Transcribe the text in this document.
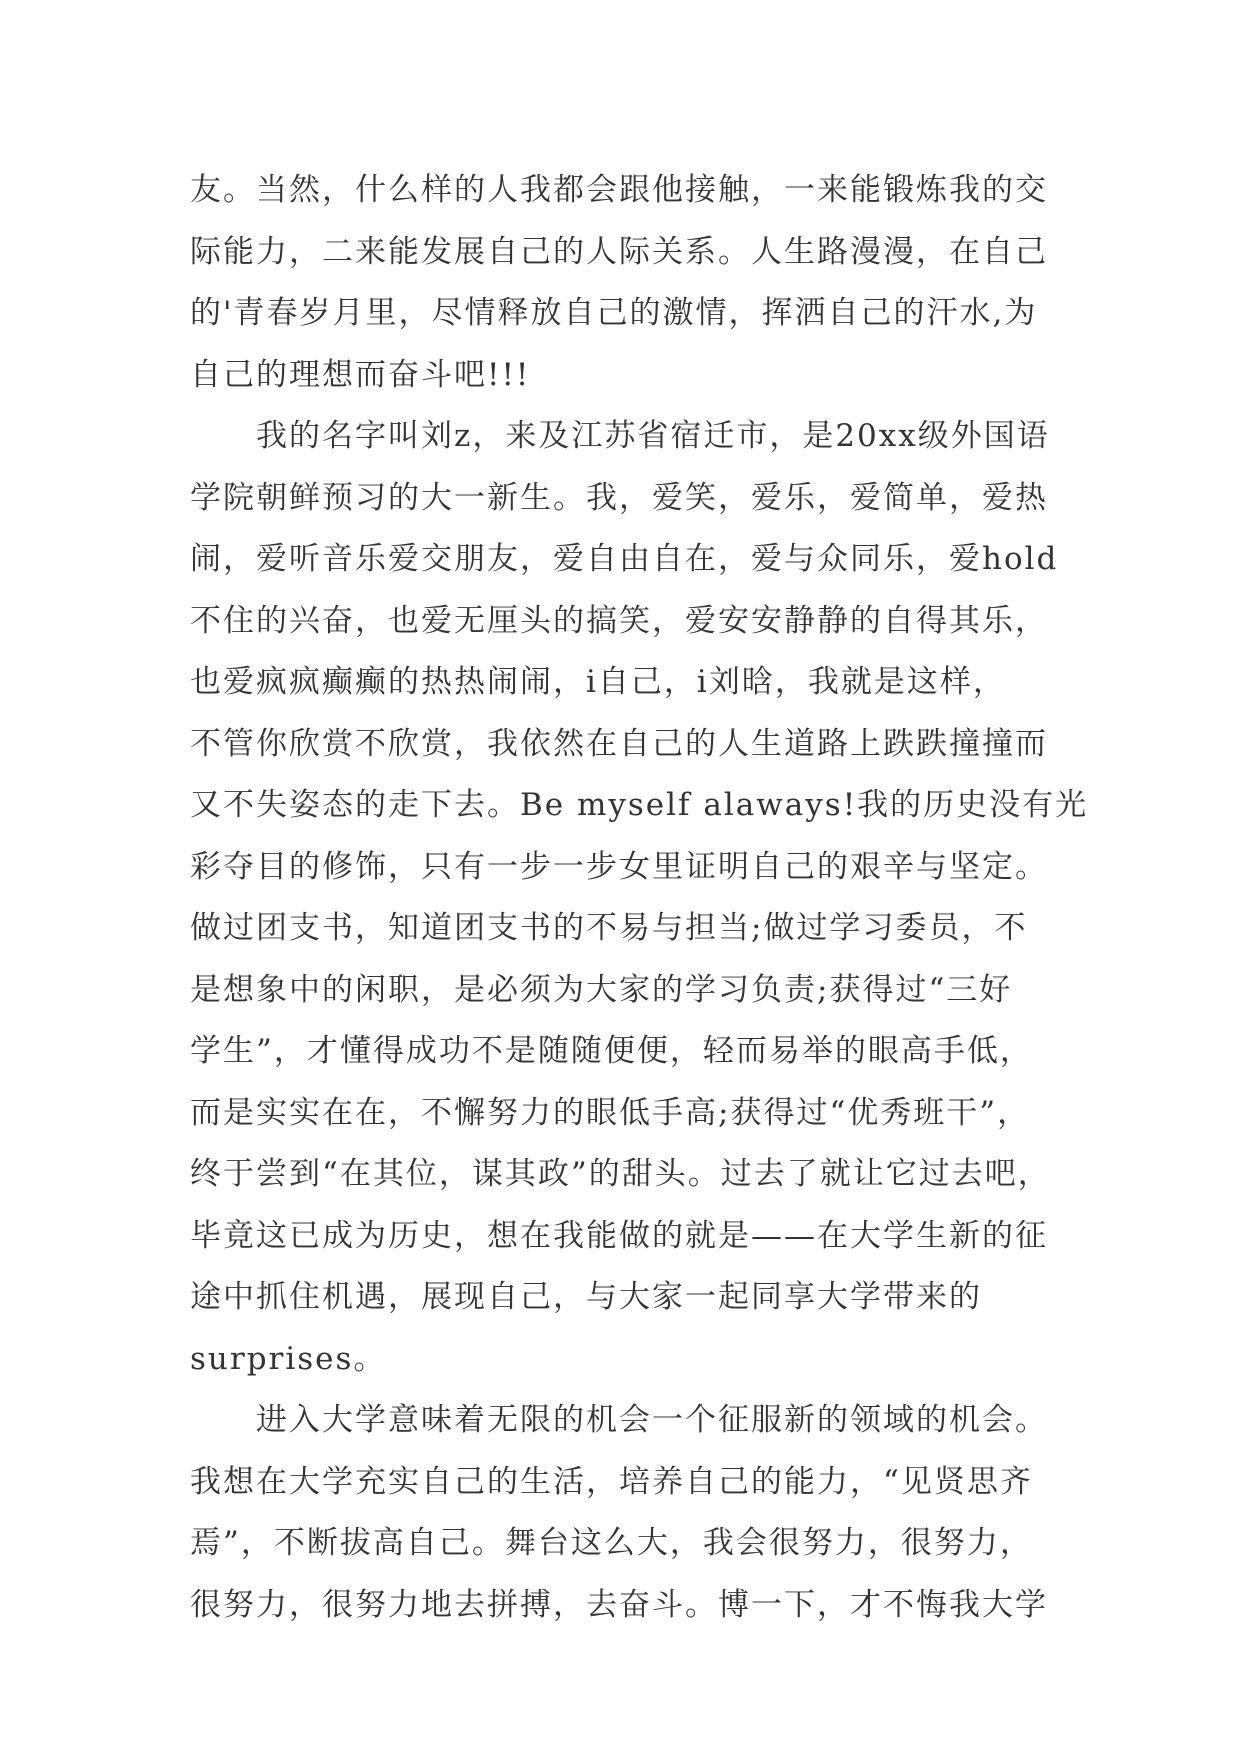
友。当然，什么样的人我都会跟他接触，一来能锻炼我的交
际能力，二来能发展自己的人际关系。人生路漫漫，在自己
的'青春岁月里，尽情释放自己的激情，挥洒自己的汗水,为
自己的理想而奋斗吧!!!
我的名字叫刘z，来及江苏省宿迁市，是20xx级外国语
学院朝鲜预习的大一新生。我，爱笑，爱乐，爱简单，爱热
闹，爱听音乐爱交朋友，爱自由自在，爱与众同乐，爱hold
不住的兴奋，也爱无厘头的搞笑，爱安安静静的自得其乐，
也爱疯疯癫癫的热热闹闹，i自己，i刘晗，我就是这样，
不管你欣赏不欣赏，我依然在自己的人生道路上跌跌撞撞而
又不失姿态的走下去。Be myself alaways!我的历史没有光
彩夺目的修饰，只有一步一步女里证明自己的艰辛与坚定。
做过团支书，知道团支书的不易与担当;做过学习委员，不
是想象中的闲职，是必须为大家的学习负责;获得过“三好
学生”，才懂得成功不是随随便便，轻而易举的眼高手低，
而是实实在在，不懈努力的眼低手高;获得过“优秀班干”，
终于尝到“在其位，谋其政”的甜头。过去了就让它过去吧，
毕竟这已成为历史，想在我能做的就是——在大学生新的征
途中抓住机遇，展现自己，与大家一起同享大学带来的
surprises。
进入大学意味着无限的机会一个征服新的领域的机会。
我想在大学充实自己的生活，培养自己的能力，“见贤思齐
焉”，不断拔高自己。舞台这么大，我会很努力，很努力，
很努力，很努力地去拼搏，去奋斗。博一下，才不悔我大学
